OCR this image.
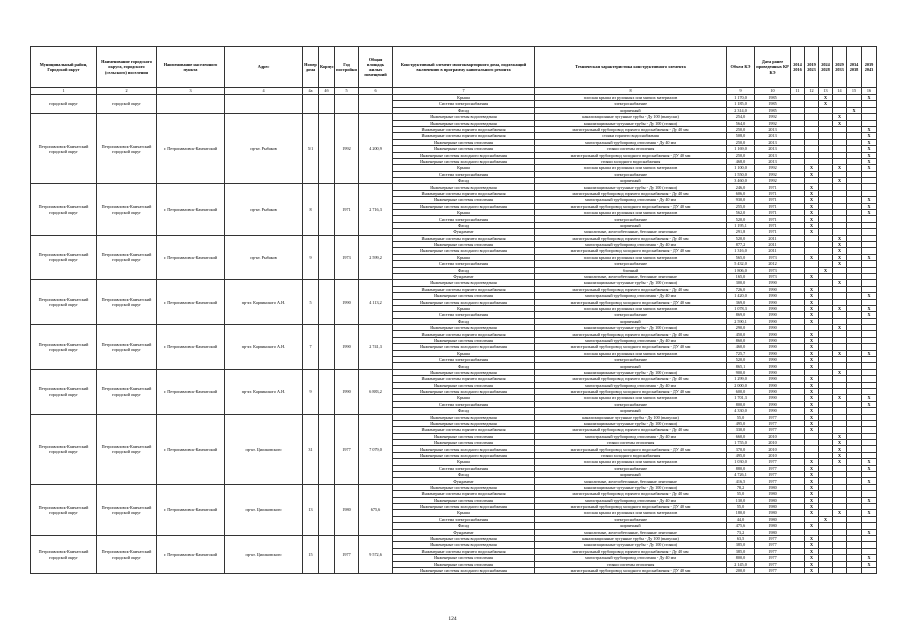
Муниципальный район, Городской округ	Наименование городского округа, городского (сельского) поселения	Наименование населенного пункта	Адрес	Номер дома	Корпус	Год постройки	Общая площадь жилых помещений	Конструктивный элемент многоквартирного дома, подлежащий включению в программу капитального ремонта	Техническая характеристика конструктивного элемента	Объем КЭ	Дата ранее проведенных КР КЭ	2014 2016	2019 2023	2024 2028	2029 2033	2034 2038	2039 2043
1	2	3	4	4а	4б	5	6	7	8	9	10	11	12	13	14	15	16
городской округ	городской округ							Крыша	плоская крыша из рулонных или мягких материалов	1 170,0	1985			X			X
								Система электроснабжения	электроснабжение	1 185,0	1985			X			
								Фасад	кирпичный	2 314,0	1985					X	
Петропавловск-Камчатский городской округ	Петропавловск-Камчатский городской округ	г. Петропавловск-Камчатский	пр-кт. Рыбаков	5/1		1992	4 200,9	Инженерные системы водоотведения	канализационные чугунные трубы - Ду 100 (выпуски)	254,0	1992				X		
								Инженерные системы водоотведения	канализационные чугунные трубы - Ду 100 (стояки)	564,0	1992				X		
								Инженерные системы горячего водоснабжения	магистральный трубопровод горячего водоснабжения - Ду 40 мм	250,0	2013						X
								Инженерные системы горячего водоснабжения	стояки горячего водоснабжения	508,0	2013						X
								Инженерные системы отопления	магистральный трубопровод отопления - Ду 40 мм	250,0	2013						X
								Инженерные системы отопления	стояки системы отопления	1 169,0	2013						X
								Инженерные системы холодного водоснабжения	магистральный трубопровод холодного водоснабжения - ДУ 40 мм	250,0	2013						X
								Инженерные системы холодного водоснабжения	стояки холодного водоснабжения	468,0	2013						X
								Крыша	плоская крыша из рулонных или мягких материалов	1 100,0	1992		X		X		X
								Система электроснабжения	электроснабжение	1 550,0	1992		X				
								Фасад	кирпичный	3 460,0	1992				X		
Петропавловск-Камчатский городской округ	Петропавловск-Камчатский городской округ	г. Петропавловск-Камчатский	пр-кт. Рыбаков	8		1971	2 716,3	Инженерные системы водоотведения	канализационные чугунные трубы - Ду 100 (стояки)	246,0	1971		X				
								Инженерные системы горячего водоснабжения	магистральный трубопровод горячего водоснабжения - Ду 40 мм	606,0	1971		X				
								Инженерные системы отопления	магистральный трубопровод отопления - Ду 40 мм	930,0	1971		X				X
								Инженерные системы холодного водоснабжения	магистральный трубопровод холодного водоснабжения - ДУ 40 мм	255,0	1971		X				X
								Крыша	плоская крыша из рулонных или мягких материалов	562,0	1971		X				X
								Система электроснабжения	электроснабжение	520,0	1971		X				
								Фасад	кирпичный	1 195,1	1971		X				
								Фундамент	монолитные, железобетонные, бетонные ленточные	291,8	1971		X				
Петропавловск-Камчатский городской округ	Петропавловск-Камчатский городской округ	г. Петропавловск-Камчатский	пр-кт. Рыбаков	9		1973	2 599,2	Инженерные системы горячего водоснабжения	магистральный трубопровод горячего водоснабжения - Ду 40 мм	520,0	2011				X		
								Инженерные системы отопления	магистральный трубопровод отопления - Ду 40 мм	877,2	2011				X		
								Инженерные системы холодного водоснабжения	магистральный трубопровод холодного водоснабжения - ДУ 40 мм	1 316,0	2011				X		
								Крыша	плоская крыша из рулонных или мягких материалов	565,0	1973		X		X		X
								Система электроснабжения	электроснабжение	5 432,0	2012				X		
								Фасад	блочный	1 806,0	1973			X			
								Фундамент	монолитные, железобетонные, бетонные ленточные	165,0	1973		X				
Петропавловск-Камчатский городской округ	Петропавловск-Камчатский городской округ	г. Петропавловск-Камчатский	пр-кт. Карпинского А.Н.	5		1990	4 113,2	Инженерные системы водоотведения	канализационные чугунные трубы - Ду 100 (стояки)	300,0	1990				X		
								Инженерные системы горячего водоснабжения	магистральный трубопровод горячего водоснабжения - Ду 40 мм	726,0	1990		X				
								Инженерные системы отопления	магистральный трубопровод отопления - Ду 40 мм	1 420,0	1990		X				X
								Инженерные системы холодного водоснабжения	магистральный трубопровод холодного водоснабжения - ДУ 40 мм	369,0	1990		X				
								Крыша	плоская крыша из рулонных или мягких материалов	1 078,3	1990		X		X		X
								Система электроснабжения	электроснабжение	869,0	1990		X				X
								Фасад	кирпичный	2 590,1	1990		X				
Петропавловск-Камчатский городской округ	Петропавловск-Камчатский городской округ	г. Петропавловск-Камчатский	пр-кт. Карпинского А.Н.	7		1990	2 741,3	Инженерные системы водоотведения	канализационные чугунные трубы - Ду 100 (стояки)	290,0	1990				X		
								Инженерные системы горячего водоснабжения	магистральный трубопровод горячего водоснабжения - Ду 40 мм	450,0	1990		X				
								Инженерные системы отопления	магистральный трубопровод отопления - Ду 40 мм	860,0	1990		X				
								Инженерные системы холодного водоснабжения	магистральный трубопровод холодного водоснабжения - ДУ 40 мм	460,0	1990		X				
								Крыша	плоская крыша из рулонных или мягких материалов	725,7	1990		X		X		X
								Система электроснабжения	электроснабжение	520,0	1990		X				
								Фасад	кирпичный	865,1	1990		X				
Петропавловск-Камчатский городской округ	Петропавловск-Камчатский городской округ	г. Петропавловск-Камчатский	пр-кт. Карпинского А.Н.	9		1990	6 883,2	Инженерные системы водоотведения	канализационные чугунные трубы - Ду 100 (стояки)	900,0	1990				X		
								Инженерные системы горячего водоснабжения	магистральный трубопровод горячего водоснабжения - Ду 40 мм	1 299,0	1990		X				
								Инженерные системы отопления	магистральный трубопровод отопления - Ду 40 мм	2 000,0	1990		X				
								Инженерные системы холодного водоснабжения	магистральный трубопровод холодного водоснабжения - ДУ 40 мм	600,0	1990		X				
								Крыша	плоская крыша из рулонных или мягких материалов	1 701,3	1990		X		X		X
								Система электроснабжения	электроснабжение	800,0	1990		X				X
								Фасад	кирпичный	4 330,0	1990		X				
Петропавловск-Камчатский городской округ	Петропавловск-Камчатский городской округ	г. Петропавловск-Камчатский	пр-кт. Циолковского	31		1977	7 079,0	Инженерные системы водоотведения	канализационные чугунные трубы - Ду 100 (выпуски)	55,0	1977		X				
								Инженерные системы водоотведения	канализационные чугунные трубы - Ду 100 (стояки)	495,0	1977		X				
								Инженерные системы горячего водоснабжения	магистральный трубопровод горячего водоснабжения - Ду 40 мм	330,0	1977		X				
								Инженерные системы отопления	магистральный трубопровод отопления - Ду 40 мм	660,0	2010				X		
								Инженерные системы отопления	стояки системы отопления	1 755,0	2010				X		
								Инженерные системы холодного водоснабжения	магистральный трубопровод холодного водоснабжения - ДУ 40 мм	370,0	2010				X		
								Инженерные системы холодного водоснабжения	стояки холодного водоснабжения	495,0	2010				X		
								Крыша	плоская крыша из рулонных или мягких материалов	1 030,0	1977		X		X		X
								Система электроснабжения	электроснабжение	880,0	1977		X				X
								Фасад	кирпичный	4 726,1	1977		X				
								Фундамент	монолитные, железобетонные, бетонные ленточные	416,5	1977		X				X
Петропавловск-Камчатский городской округ	Петропавловск-Камчатский городской округ	г. Петропавловск-Камчатский	пр-кт. Циолковского	13		1980	675,6	Инженерные системы водоотведения	канализационные чугунные трубы - Ду 100 (стояки)	78,2	1980		X				
								Инженерные системы горячего водоснабжения	магистральный трубопровод горячего водоснабжения - Ду 40 мм	55,0	1980		X				
								Инженерные системы отопления	магистральный трубопровод отопления - Ду 40 мм	130,0	1980		X				X
								Инженерные системы холодного водоснабжения	магистральный трубопровод холодного водоснабжения - ДУ 40 мм	55,0	1980		X				
								Крыша	плоская крыша из рулонных или мягких материалов	180,0	1980		X		X		X
								Система электроснабжения	электроснабжение	44,0	1980			X			
								Фасад	кирпичный	475,6	1980		X				
								Фундамент	монолитные, железобетонные, бетонные ленточные	73,2	1980						X
Петропавловск-Камчатский городской округ	Петропавловск-Камчатский городской округ	г. Петропавловск-Камчатский	пр-кт. Циолковского	15		1977	9 572,6	Инженерные системы водоотведения	канализационные чугунные трубы - Ду 100 (выпуски)	63,5	1977		X				
								Инженерные системы водоотведения	канализационные чугунные трубы - Ду 100 (стояки)	385,0	1977		X				
								Инженерные системы горячего водоснабжения	магистральный трубопровод горячего водоснабжения - Ду 40 мм	385,0	1977		X				
								Инженерные системы отопления	магистральный трубопровод отопления - Ду 40 мм	800,0	1977		X				X
								Инженерные системы отопления	стояки системы отопления	2 145,0	1977		X				X
								Инженерные системы холодного водоснабжения	магистральный трубопровод холодного водоснабжения - ДУ 40 мм	200,0	1977		X				
124
